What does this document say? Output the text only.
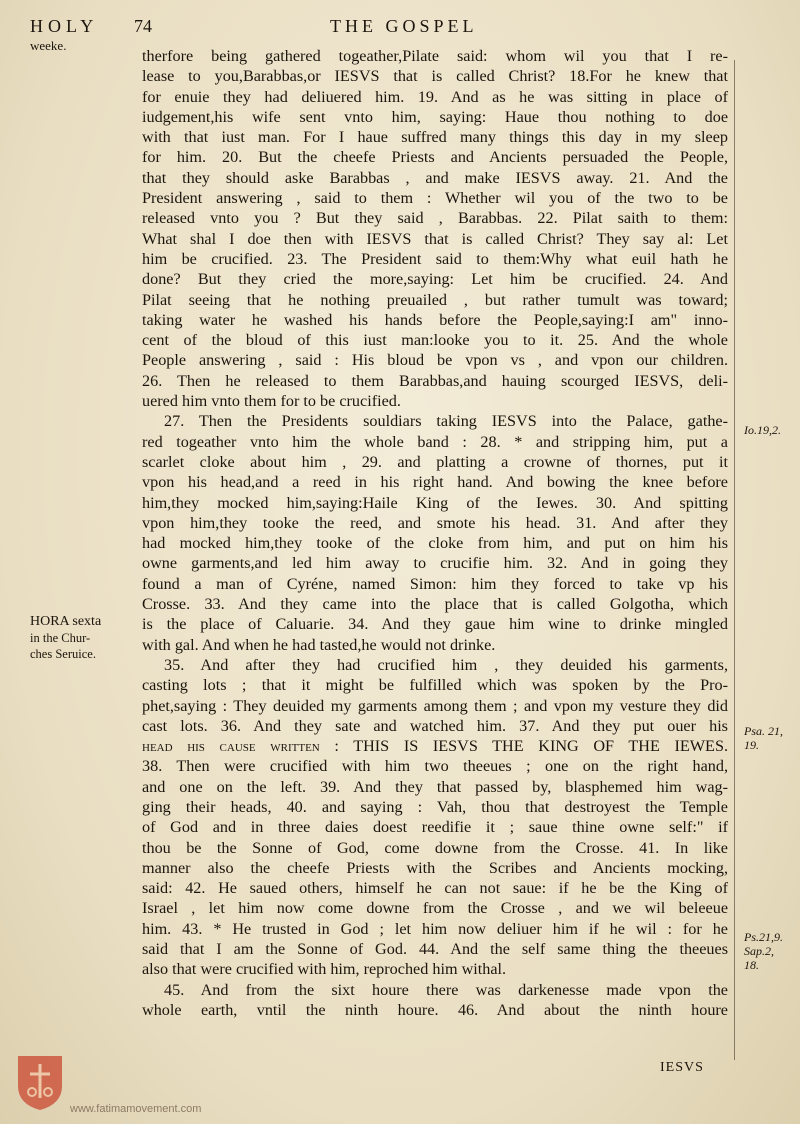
HOLY 74	THE GOSPEL
weeke.
therfore being gathered togeather,Pilate said: whom wil you that I re-
lease to you,Barabbas,or IESVS that is called Christ? 18.For he knew that
for enuie they had deliuered him. 19. And as he was sitting in place of
iudgement,his wife sent vnto him, saying: Haue thou nothing to doe
with that iust man. For I haue suffred many things this day in my sleep
for him. 20. But the cheefe Priests and Ancients persuaded the People,
that they should aske Barabbas , and make IESVS away. 21. And the
President answering , said to them : Whether wil you of the two to be
released vnto you ? But they said , Barabbas. 22. Pilat saith to them:
What shal I doe then with IESVS that is called Christ? They say al: Let
him be crucified. 23. The President said to them:Why what euil hath he
done? But they cried the more,saying: Let him be crucified. 24. And
Pilat seeing that he nothing preuailed , but rather tumult was toward;
taking water he washed his hands before the People,saying:I am" inno-
cent of the bloud of this iust man:looke you to it. 25. And the whole
People answering , said : His bloud be vpon vs , and vpon our children.
26. Then he released to them Barabbas,and hauing scourged IESVS, deli-
uered him vnto them for to be crucified.
27. Then the Presidents souldiars taking IESVS into the Palace, gathe-
red togeather vnto him the whole band : 28. * and stripping him, put a
scarlet cloke about him , 29. and platting a crowne of thornes, put it
vpon his head,and a reed in his right hand. And bowing the knee before
him,they mocked him,saying:Haile King of the Iewes. 30. And spitting
vpon him,they tooke the reed, and smote his head. 31. And after they
had mocked him,they tooke of the cloke from him, and put on him his
owne garments,and led him away to crucifie him. 32. And in going they
found a man of Cyréne, named Simon: him they forced to take vp his
Crosse. 33. And they came into the place that is called Golgotha, which
is the place of Caluarie. 34. And they gaue him wine to drinke mingled
with gal. And when he had tasted,he would not drinke.
35. And after they had crucified him , they deuided his garments,
casting lots ; that it might be fulfilled which was spoken by the Pro-
phet,saying : They deuided my garments among them ; and vpon my vesture they did
cast lots. 36. And they sate and watched him. 37. And they put ouer his
head his cause written : THIS IS IESVS THE KING OF THE IEWES.
38. Then were crucified with him two theeues ; one on the right hand,
and one on the left. 39. And they that passed by, blasphemed him wag-
ging their heads, 40. and saying : Vah, thou that destroyest the Temple
of God and in three daies doest reedifie it ; saue thine owne self:" if
thou be the Sonne of God, come downe from the Crosse. 41. In like
manner also the cheefe Priests with the Scribes and Ancients mocking,
said: 42. He saued others, himself he can not saue: if he be the King of
Israel , let him now come downe from the Crosse , and we wil beleeue
him. 43. * He trusted in God ; let him now deliuer him if he wil : for he
said that I am the Sonne of God. 44. And the self same thing the theeues
also that were crucified with him, reproched him withal.
45. And from the sixt houre there was darkenesse made vpon the
whole earth, vntil the ninth houre. 46. And about the ninth houre
HORA sexta
in the Chur-
ches Seruice.
Io.19,2.
Psa. 21,
19.
Ps.21,9.
Sap.2,
18.
IESVS
www.fatimamovement.com
